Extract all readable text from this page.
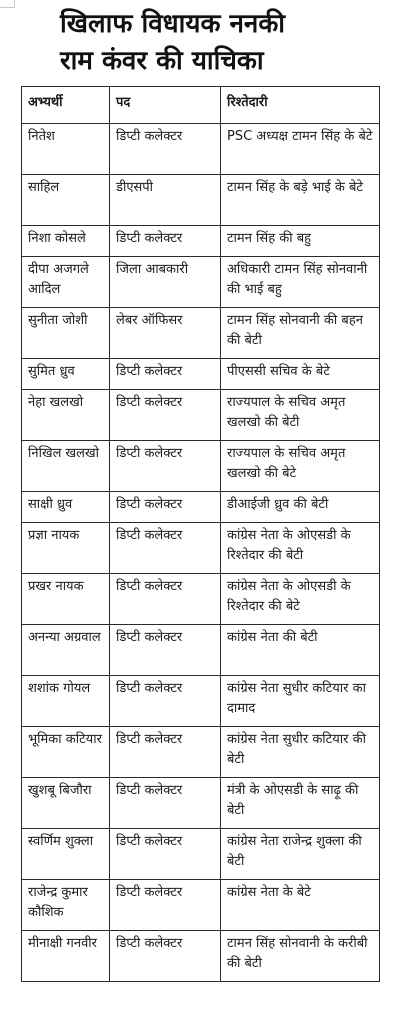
खिलाफ विधायक ननकी
राम कंवर की याचिका
अभ्यर्थी	पद	रिश्तेदारी
नितेश	डिप्टी कलेक्टर	PSC अध्यक्ष टामन सिंह के बेटे
साहिल	डीएसपी	टामन सिंह के बड़े भाई के बेटे
निशा कोसले	डिप्टी कलेक्टर	टामन सिंह की बहु
दीपा अजगले आदिल	जिला आबकारी	अधिकारी टामन सिंह सोनवानी की भाई बहु
सुनीता जोशी	लेबर ऑफिसर	टामन सिंह सोनवानी की बहन की बेटी
सुमित ध्रुव	डिप्टी कलेक्टर	पीएससी सचिव के बेटे
नेहा खलखो	डिप्टी कलेक्टर	राज्यपाल के सचिव अमृत खलखो की बेटी
निखिल खलखो	डिप्टी कलेक्टर	राज्यपाल के सचिव अमृत खलखो की बेटे
साक्षी ध्रुव	डिप्टी कलेक्टर	डीआईजी ध्रुव की बेटी
प्रज्ञा नायक	डिप्टी कलेक्टर	कांग्रेस नेता के ओएसडी के रिश्तेदार की बेटी
प्रखर नायक	डिप्टी कलेक्टर	कांग्रेस नेता के ओएसडी के रिश्तेदार की बेटे
अनन्या अग्रवाल	डिप्टी कलेक्टर	कांग्रेस नेता की बेटी
शशांक गोयल	डिप्टी कलेक्टर	कांग्रेस नेता सुधीर कटियार का दामाद
भूमिका कटियार	डिप्टी कलेक्टर	कांग्रेस नेता सुधीर कटियार की बेटी
खुशबू बिजौरा	डिप्टी कलेक्टर	मंत्री के ओएसडी के साढ़ू की बेटी
स्वर्णिम शुक्ला	डिप्टी कलेक्टर	कांग्रेस नेता राजेन्द्र शुक्ला की बेटी
राजेन्द्र कुमार कौशिक	डिप्टी कलेक्टर	कांग्रेस नेता के बेटे
मीनाक्षी गनवीर	डिप्टी कलेक्टर	टामन सिंह सोनवानी के करीबी की बेटी
